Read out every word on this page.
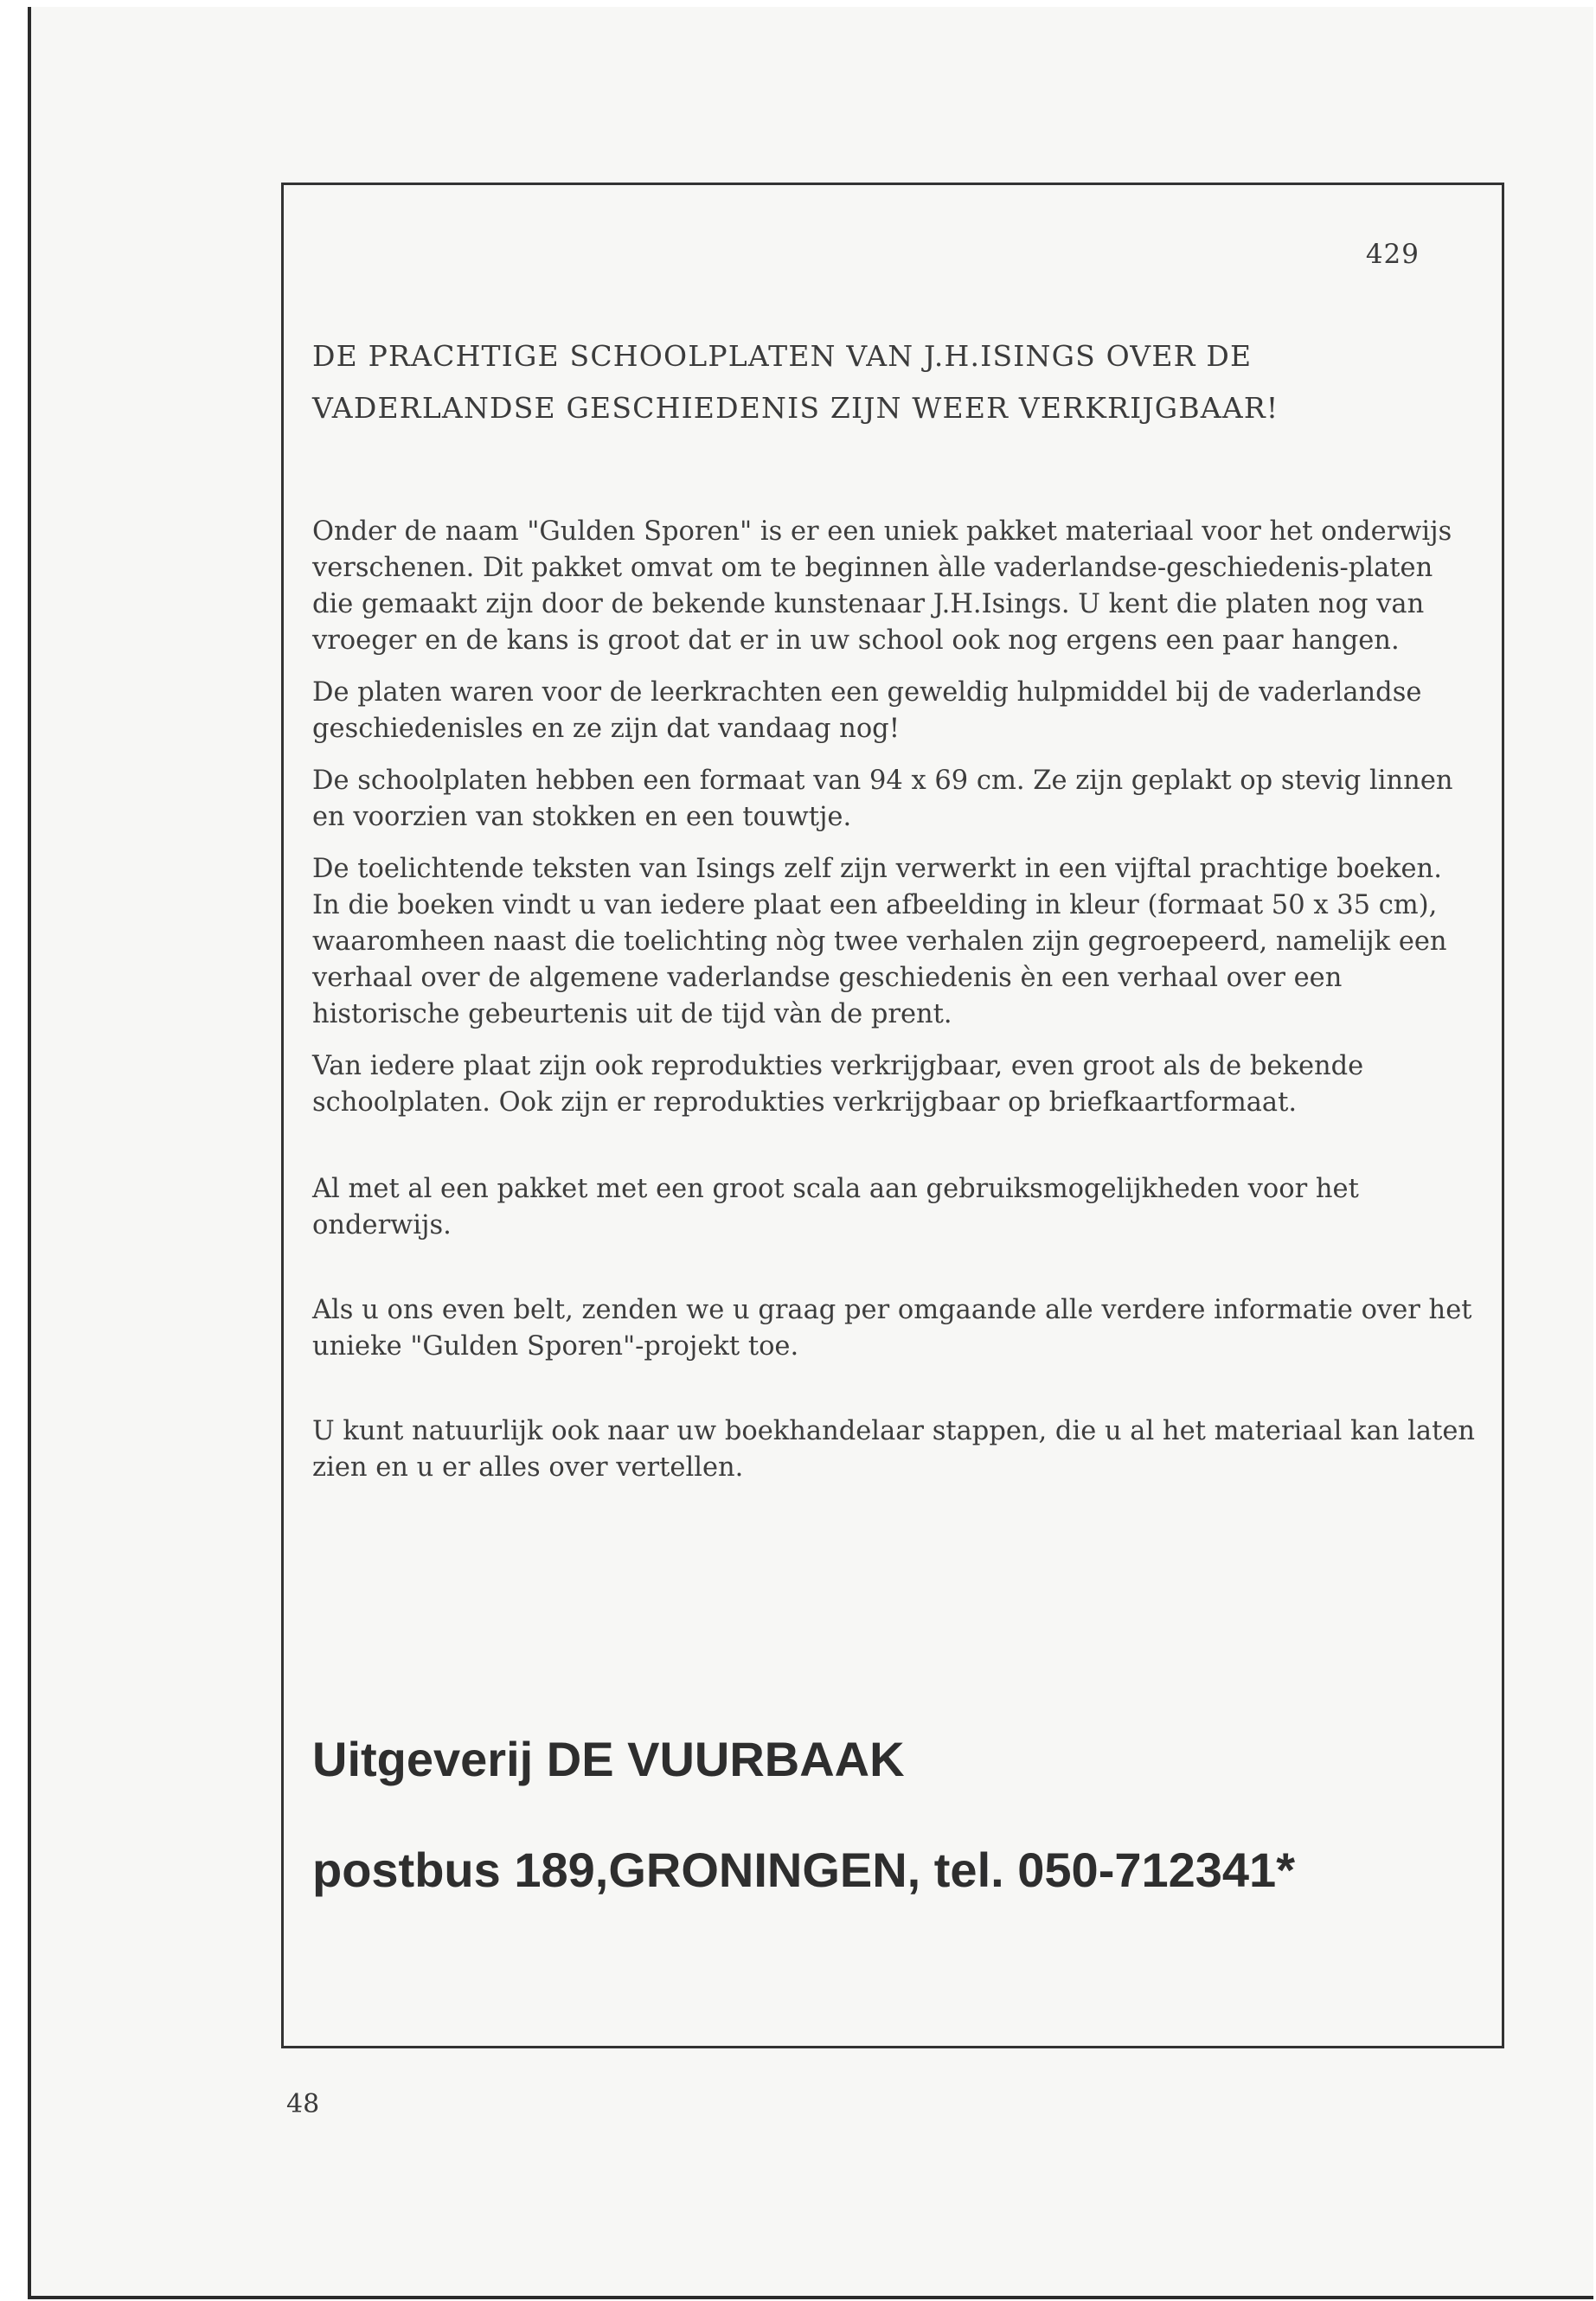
429
DE PRACHTIGE SCHOOLPLATEN VAN J.H.ISINGS OVER DE
VADERLANDSE GESCHIEDENIS ZIJN WEER VERKRIJGBAAR!

Onder de naam "Gulden Sporen" is er een uniek pakket materiaal voor het onderwijs verschenen. Dit pakket omvat om te beginnen àlle vaderlandse-geschiedenis-platen die gemaakt zijn door de bekende kunstenaar J.H.Isings. U kent die platen nog van vroeger en de kans is groot dat er in uw school ook nog ergens een paar hangen.

De platen waren voor de leerkrachten een geweldig hulpmiddel bij de vaderlandse geschiedenisles en ze zijn dat vandaag nog!

De schoolplaten hebben een formaat van 94 x 69 cm. Ze zijn geplakt op stevig linnen en voorzien van stokken en een touwtje.

De toelichtende teksten van Isings zelf zijn verwerkt in een vijftal prachtige boeken. In die boeken vindt u van iedere plaat een afbeelding in kleur (formaat 50 x 35 cm), waaromheen naast die toelichting nòg twee verhalen zijn gegroepeerd, namelijk een verhaal over de algemene vaderlandse geschiedenis èn een verhaal over een historische gebeurtenis uit de tijd vàn de prent.

Van iedere plaat zijn ook reprodukties verkrijgbaar, even groot als de bekende schoolplaten. Ook zijn er reprodukties verkrijgbaar op briefkaartformaat.

Al met al een pakket met een groot scala aan gebruiksmogelijkheden voor het onderwijs.

Als u ons even belt, zenden we u graag per omgaande alle verdere informatie over het unieke "Gulden Sporen"-projekt toe.

U kunt natuurlijk ook naar uw boekhandelaar stappen, die u al het materiaal kan laten zien en u er alles over vertellen.

Uitgeverij DE VUURBAAK

postbus 189,GRONINGEN, tel. 050-712341*

48
